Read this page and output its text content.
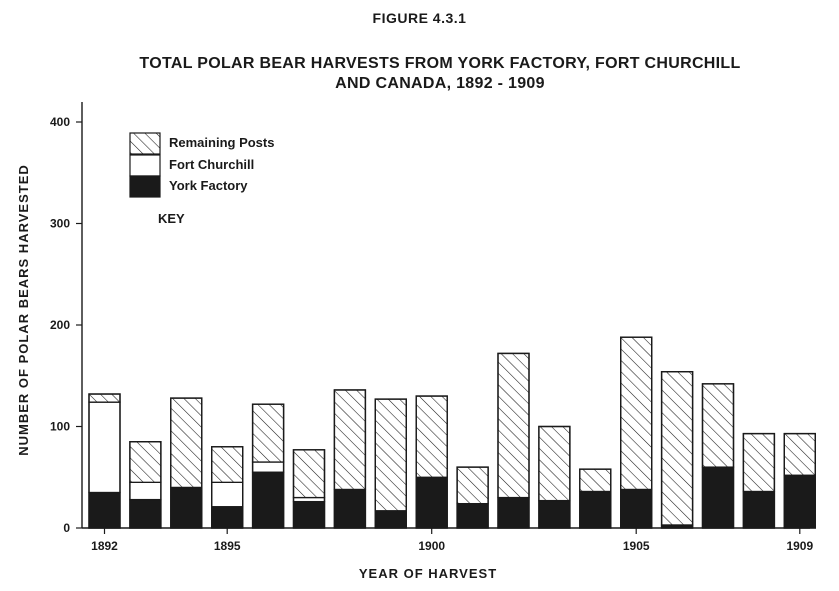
FIGURE 4.3.1
TOTAL POLAR BEAR HARVESTS FROM YORK FACTORY, FORT CHURCHILL
AND CANADA, 1892 - 1909
0
100
200
300
400
1892	1895	1900	1905	1909
YEAR OF HARVEST
NUMBER OF POLAR BEARS HARVESTED
Remaining Posts
Fort Churchill
York Factory
KEY
